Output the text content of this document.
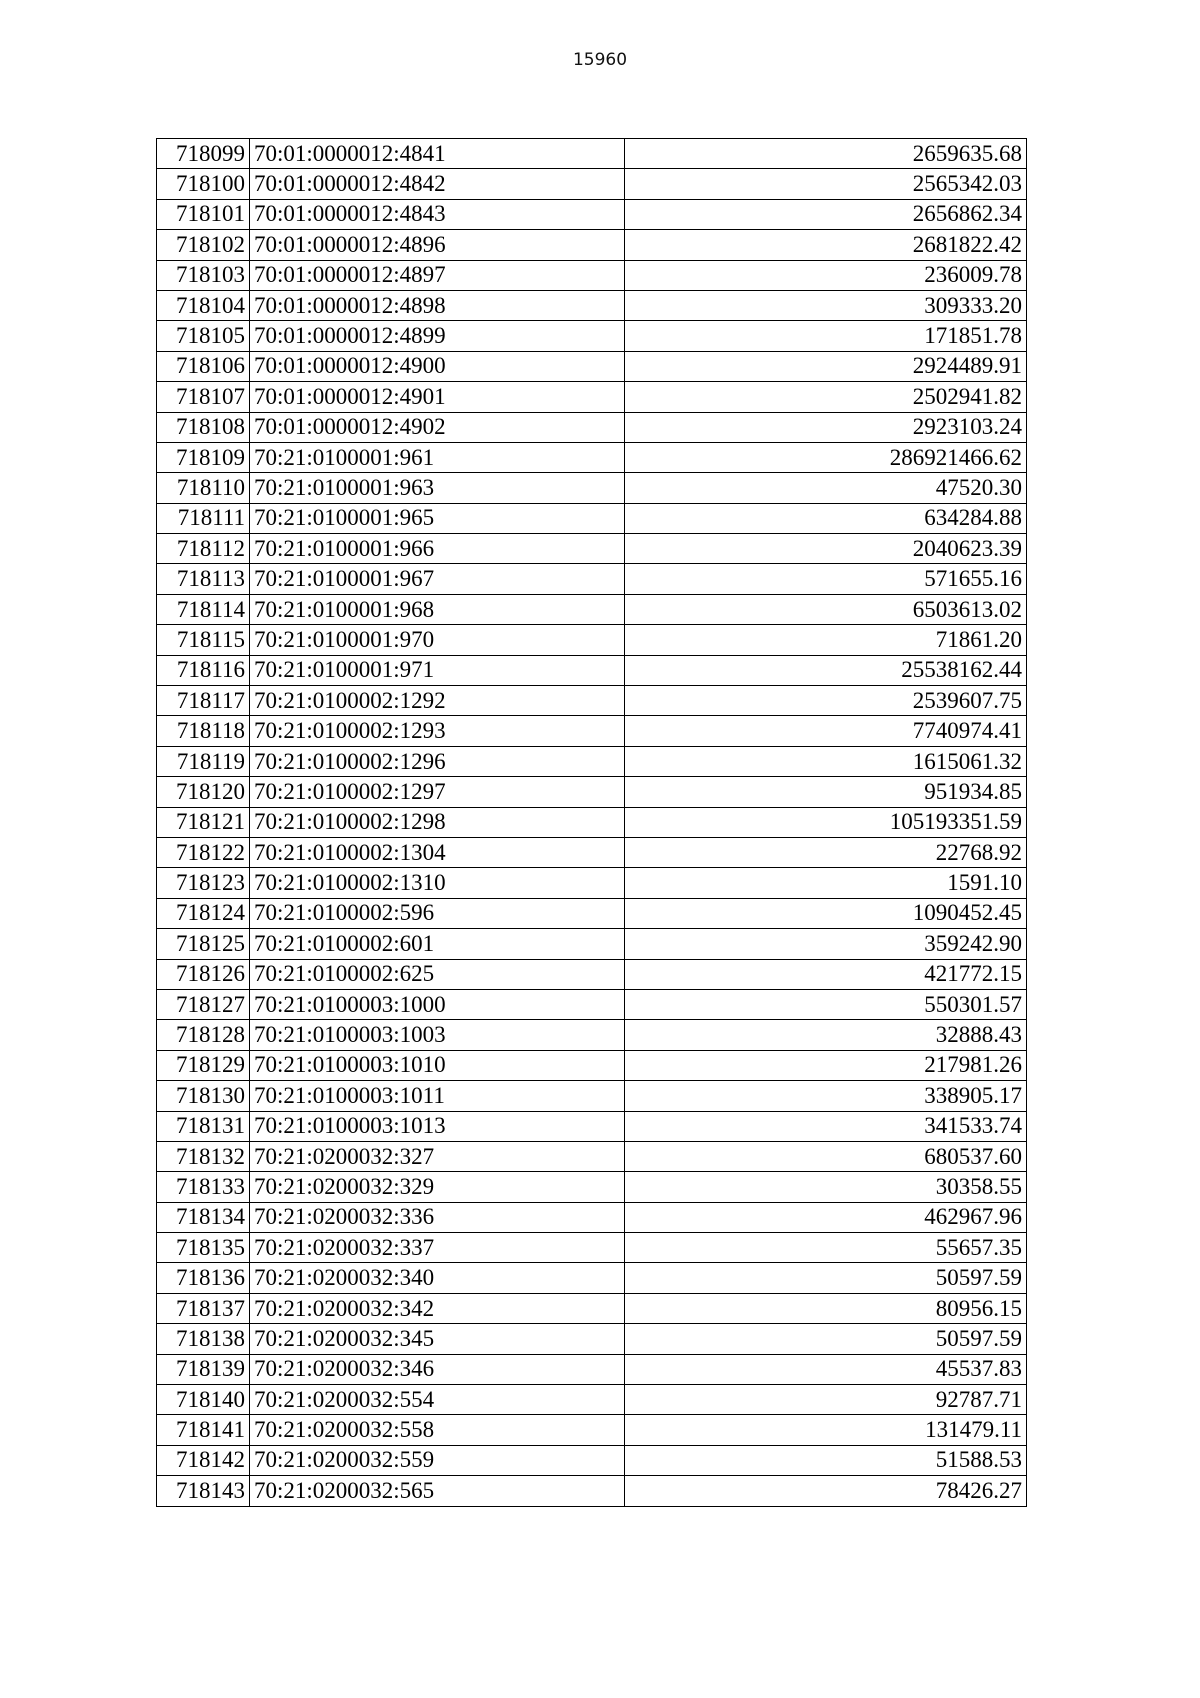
15960
718099	70:01:0000012:4841	2659635.68
718100	70:01:0000012:4842	2565342.03
718101	70:01:0000012:4843	2656862.34
718102	70:01:0000012:4896	2681822.42
718103	70:01:0000012:4897	236009.78
718104	70:01:0000012:4898	309333.20
718105	70:01:0000012:4899	171851.78
718106	70:01:0000012:4900	2924489.91
718107	70:01:0000012:4901	2502941.82
718108	70:01:0000012:4902	2923103.24
718109	70:21:0100001:961	286921466.62
718110	70:21:0100001:963	47520.30
718111	70:21:0100001:965	634284.88
718112	70:21:0100001:966	2040623.39
718113	70:21:0100001:967	571655.16
718114	70:21:0100001:968	6503613.02
718115	70:21:0100001:970	71861.20
718116	70:21:0100001:971	25538162.44
718117	70:21:0100002:1292	2539607.75
718118	70:21:0100002:1293	7740974.41
718119	70:21:0100002:1296	1615061.32
718120	70:21:0100002:1297	951934.85
718121	70:21:0100002:1298	105193351.59
718122	70:21:0100002:1304	22768.92
718123	70:21:0100002:1310	1591.10
718124	70:21:0100002:596	1090452.45
718125	70:21:0100002:601	359242.90
718126	70:21:0100002:625	421772.15
718127	70:21:0100003:1000	550301.57
718128	70:21:0100003:1003	32888.43
718129	70:21:0100003:1010	217981.26
718130	70:21:0100003:1011	338905.17
718131	70:21:0100003:1013	341533.74
718132	70:21:0200032:327	680537.60
718133	70:21:0200032:329	30358.55
718134	70:21:0200032:336	462967.96
718135	70:21:0200032:337	55657.35
718136	70:21:0200032:340	50597.59
718137	70:21:0200032:342	80956.15
718138	70:21:0200032:345	50597.59
718139	70:21:0200032:346	45537.83
718140	70:21:0200032:554	92787.71
718141	70:21:0200032:558	131479.11
718142	70:21:0200032:559	51588.53
718143	70:21:0200032:565	78426.27
